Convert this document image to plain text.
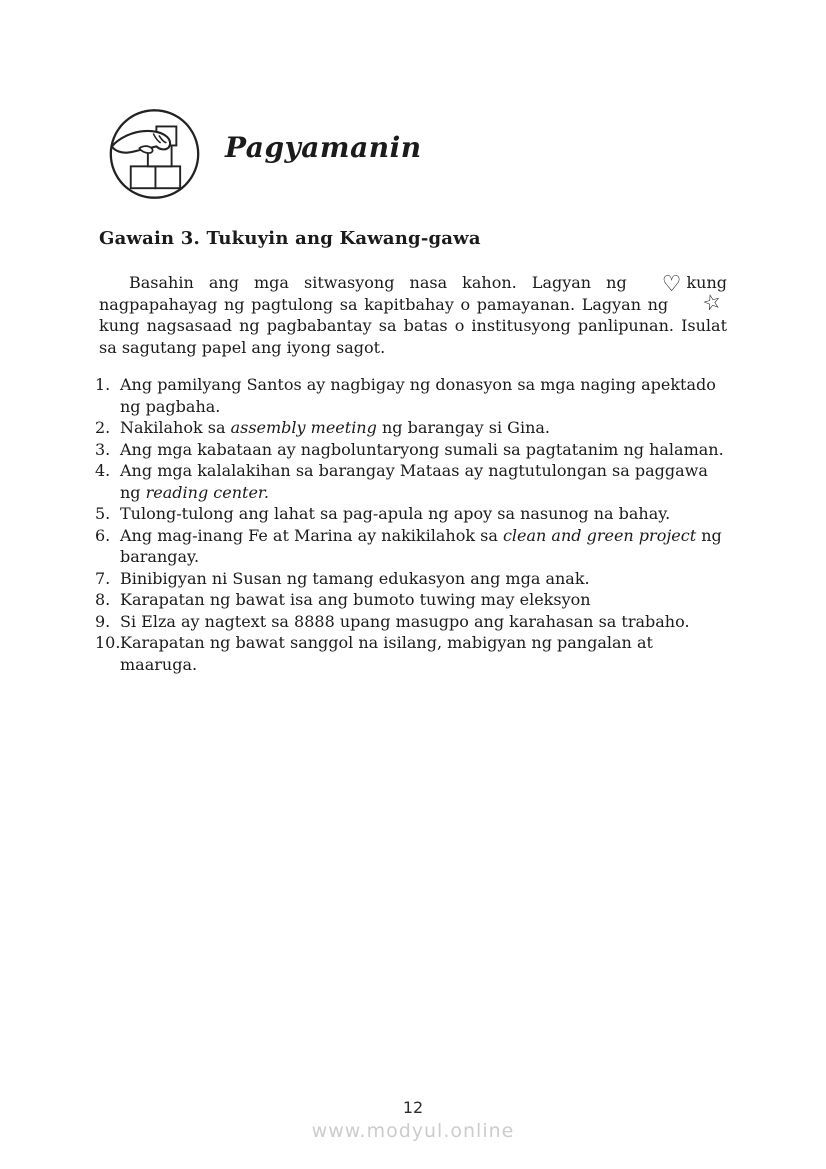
Pagyamanin
Gawain 3. Tukuyin ang Kawang-gawa
Basahin ang mga sitwasyong nasa kahon. Lagyan ng ♡ kung nagpapahayag ng pagtulong sa kapitbahay o pamayanan. Lagyan ng ☆kung nagsasaad ng pagbabantay sa batas o institusyong panlipunan. Isulat sa sagutang papel ang iyong sagot.
1. Ang pamilyang Santos ay nagbigay ng donasyon sa mga naging apektado ng pagbaha.
2. Nakilahok sa assembly meeting ng barangay si Gina.
3. Ang mga kabataan ay nagboluntaryong sumali sa pagtatanim ng halaman.
4. Ang mga kalalakihan sa barangay Mataas ay nagtutulongan sa paggawa ng reading center.
5. Tulong-tulong ang lahat sa pag-apula ng apoy sa nasunog na bahay.
6. Ang mag-inang Fe at Marina ay nakikilahok sa clean and green project ng barangay.
7. Binibigyan ni Susan ng tamang edukasyon ang mga anak.
8. Karapatan ng bawat isa ang bumoto tuwing may eleksyon
9. Si Elza ay nagtext sa 8888 upang masugpo ang karahasan sa trabaho.
10. Karapatan ng bawat sanggol na isilang, mabigyan ng pangalan at maaruga.
12
www.modyul.online
